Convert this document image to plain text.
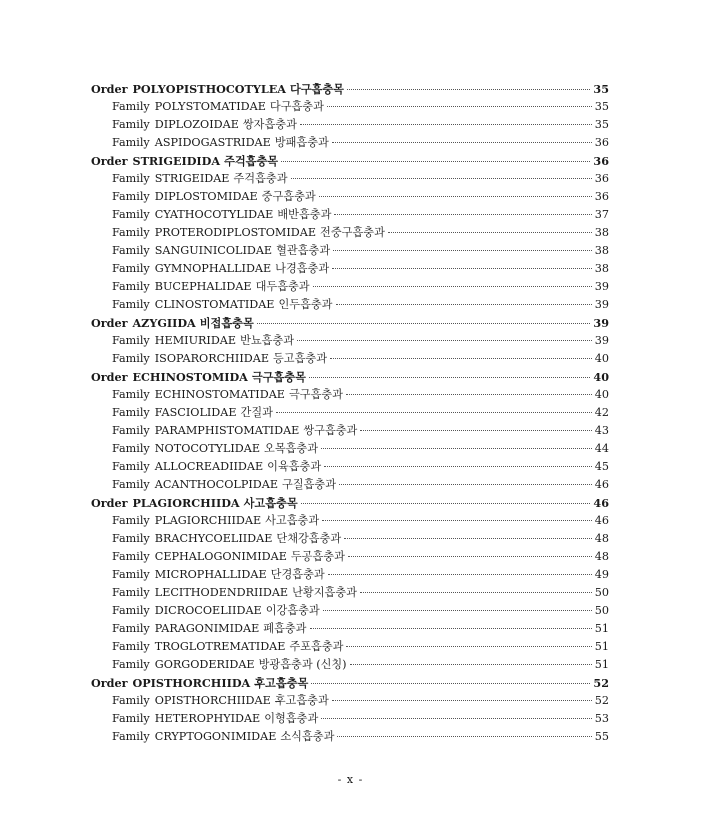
Order POLYOPISTHOCOTYLEA 다구흡충목	35
Family POLYSTOMATIDAE 다구흡충과	35
Family DIPLOZOIDAE 쌍자흡충과	35
Family ASPIDOGASTRIDAE 방패흡충과	36
Order STRIGEIDIDA 주걱흡충목	36
Family STRIGEIDAE 주걱흡충과	36
Family DIPLOSTOMIDAE 중구흡충과	36
Family CYATHOCOTYLIDAE 배반흡충과	37
Family PROTERODIPLOSTOMIDAE 전중구흡충과	38
Family SANGUINICOLIDAE 혈관흡충과	38
Family GYMNOPHALLIDAE 나경흡충과	38
Family BUCEPHALIDAE 대두흡충과	39
Family CLINOSTOMATIDAE 인두흡충과	39
Order AZYGIIDA 비접흡충목	39
Family HEMIURIDAE 반뇨흡충과	39
Family ISOPARORCHIIDAE 등고흡충과	40
Order ECHINOSTOMIDA 극구흡충목	40
Family ECHINOSTOMATIDAE 극구흡충과	40
Family FASCIOLIDAE 간질과	42
Family PARAMPHISTOMATIDAE 쌍구흡충과	43
Family NOTOCOTYLIDAE 오목흡충과	44
Family ALLOCREADIIDAE 이육흡충과	45
Family ACANTHOCOLPIDAE 구질흡충과	46
Order PLAGIORCHIIDA 사고흡충목	46
Family PLAGIORCHIIDAE 사고흡충과	46
Family BRACHYCOELIIDAE 단채강흡충과	48
Family CEPHALOGONIMIDAE 두공흡충과	48
Family MICROPHALLIDAE 단경흡충과	49
Family LECITHODENDRIIDAE 난황지흡충과	50
Family DICROCOELIIDAE 이강흡충과	50
Family PARAGONIMIDAE 폐흡충과	51
Family TROGLOTREMATIDAE 주포흡충과	51
Family GORGODERIDAE 방광흡충과 (신칭)	51
Order OPISTHORCHIIDA 후고흡충목	52
Family OPISTHORCHIIDAE 후고흡충과	52
Family HETEROPHYIDAE 이형흡충과	53
Family CRYPTOGONIMIDAE 소식흡충과	55
- x -
